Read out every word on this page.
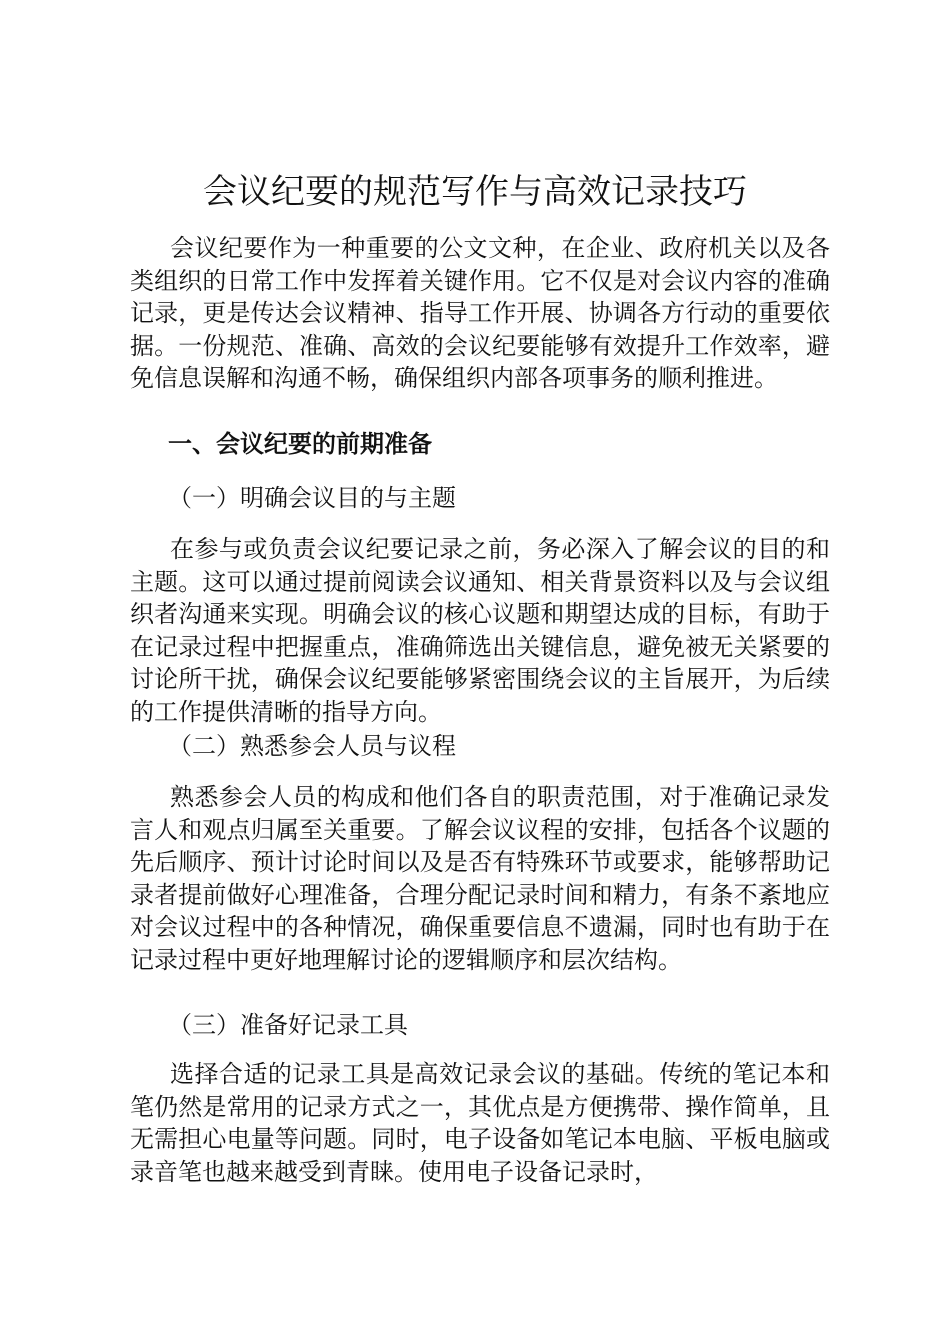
会议纪要的规范写作与高效记录技巧

会议纪要作为一种重要的公文文种，在企业、政府机关以及各类组织的日常工作中发挥着关键作用。它不仅是对会议内容的准确记录，更是传达会议精神、指导工作开展、协调各方行动的重要依据。一份规范、准确、高效的会议纪要能够有效提升工作效率，避免信息误解和沟通不畅，确保组织内部各项事务的顺利推进。

一、会议纪要的前期准备
（一）明确会议目的与主题

在参与或负责会议纪要记录之前，务必深入了解会议的目的和主题。这可以通过提前阅读会议通知、相关背景资料以及与会议组织者沟通来实现。明确会议的核心议题和期望达成的目标，有助于在记录过程中把握重点，准确筛选出关键信息，避免被无关紧要的讨论所干扰，确保会议纪要能够紧密围绕会议的主旨展开，为后续的工作提供清晰的指导方向。

（二）熟悉参会人员与议程

熟悉参会人员的构成和他们各自的职责范围，对于准确记录发言人和观点归属至关重要。了解会议议程的安排，包括各个议题的先后顺序、预计讨论时间以及是否有特殊环节或要求，能够帮助记录者提前做好心理准备，合理分配记录时间和精力，有条不紊地应对会议过程中的各种情况，确保重要信息不遗漏，同时也有助于在记录过程中更好地理解讨论的逻辑顺序和层次结构。

（三）准备好记录工具

选择合适的记录工具是高效记录会议的基础。传统的笔记本和笔仍然是常用的记录方式之一，其优点是方便携带、操作简单，且无需担心电量等问题。同时，电子设备如笔记本电脑、平板电脑或录音笔也越来越受到青睐。使用电子设备记录时，
